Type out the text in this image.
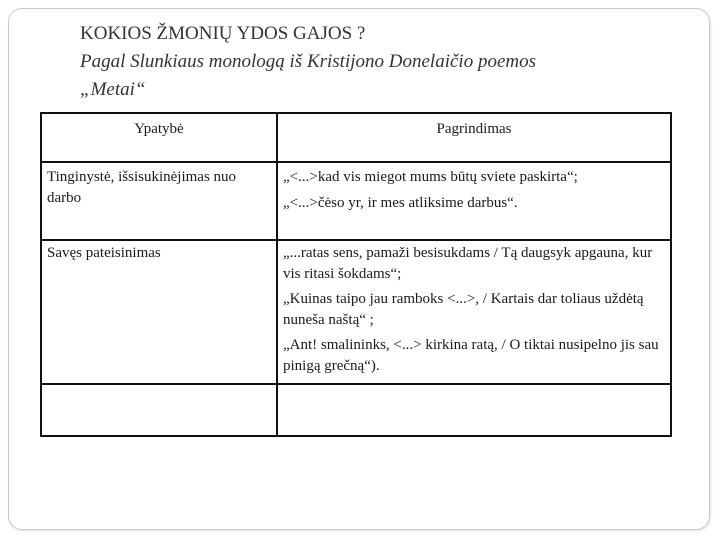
KOKIOS ŽMONIŲ YDOS GAJOS ?
Pagal Slunkiaus monologą iš Kristijono Donelaičio poemos
„Metai“
Ypatybė	Pagrindimas
Tinginystė, išsisukinėjimas nuo darbo	„<...>kad vis miegot mums būtų sviete paskirta“;
„<...>čėso yr, ir mes atliksime darbus“.

Savęs pateisinimas	„...ratas sens, pamaži besisukdams / Tą daugsyk apgauna, kur vis ritasi šokdams“;
„Kuinas taipo jau ramboks <...>, / Kartais dar toliaus uždėtą nuneša naštą“ ;
„Ant! smalininks, <...> kirkina ratą, / O tiktai nusipelno jis sau pinigą grečną“).
